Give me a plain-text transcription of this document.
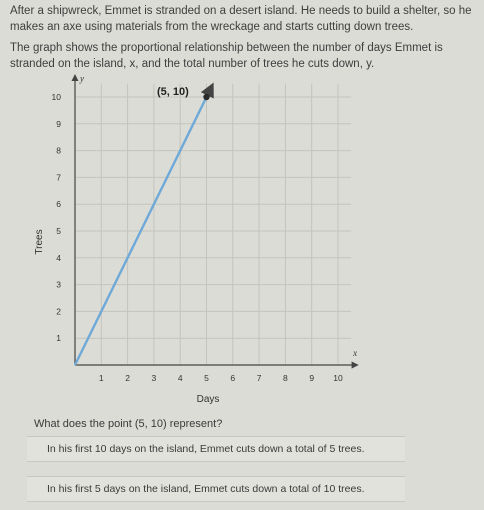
After a shipwreck, Emmet is stranded on a desert island. He needs to build a shelter, so he makes an axe using materials from the wreckage and starts cutting down trees.

The graph shows the proportional relationship between the number of days Emmet is stranded on the island, x, and the total number of trees he cuts down, y.

x
y
1	2	3	4	5	6	7	8	9 10
1
2
3
4
5
6
7
8
9
10
Days
Trees
(5, 10)
What does the point (5, 10) represent?
In his first 10 days on the island, Emmet cuts down a total of 5 trees.
In his first 5 days on the island, Emmet cuts down a total of 10 trees.
